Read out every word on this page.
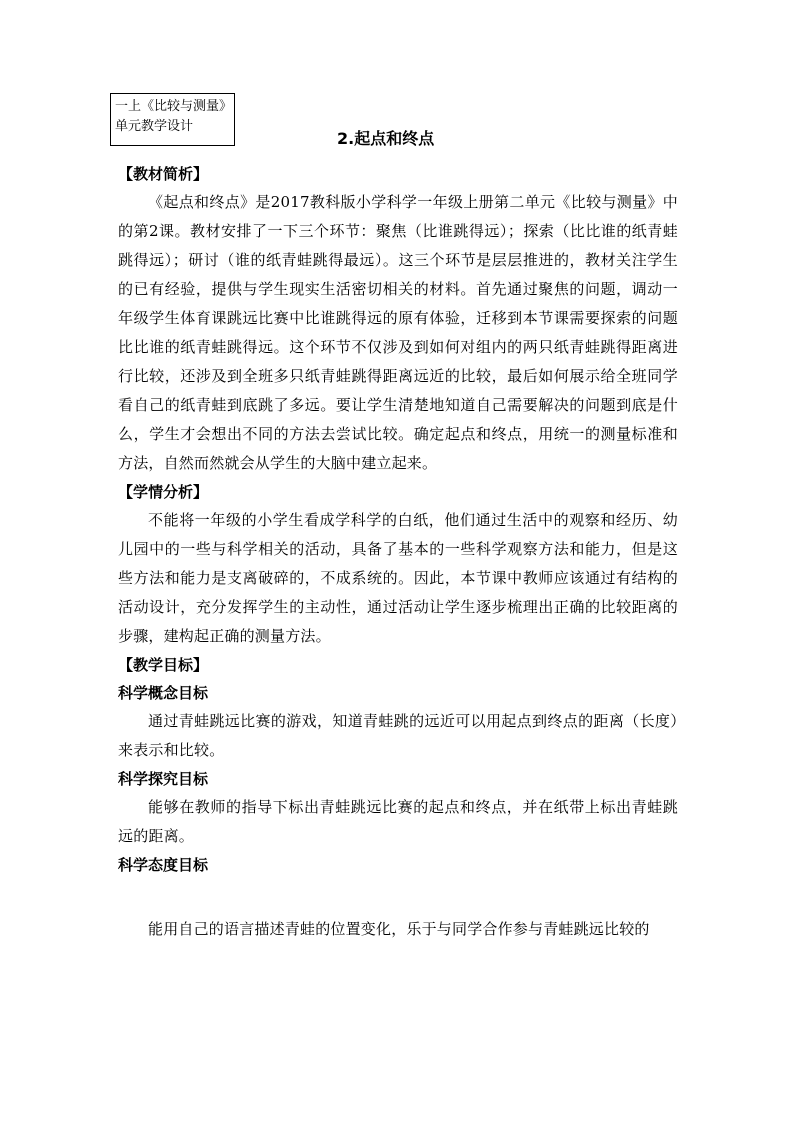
一上《比较与测量》
单元教学设计
2.起点和终点

【教材简析】

《起点和终点》是2017教科版小学科学一年级上册第二单元《比较与测量》中的第2课。教材安排了一下三个环节：聚焦（比谁跳得远）；探索（比比谁的纸青蛙跳得远）；研讨（谁的纸青蛙跳得最远）。这三个环节是层层推进的，教材关注学生的已有经验，提供与学生现实生活密切相关的材料。首先通过聚焦的问题，调动一年级学生体育课跳远比赛中比谁跳得远的原有体验，迁移到本节课需要探索的问题 比比谁的纸青蛙跳得远。这个环节不仅涉及到如何对组内的两只纸青蛙跳得距离进行比较，还涉及到全班多只纸青蛙跳得距离远近的比较，最后如何展示给全班同学看自己的纸青蛙到底跳了多远。要让学生清楚地知道自己需要解决的问题到底是什么，学生才会想出不同的方法去尝试比较。确定起点和终点，用统一的测量标准和方法，自然而然就会从学生的大脑中建立起来。

【学情分析】

不能将一年级的小学生看成学科学的白纸，他们通过生活中的观察和经历、幼儿园中的一些与科学相关的活动，具备了基本的一些科学观察方法和能力，但是这些方法和能力是支离破碎的，不成系统的。因此，本节课中教师应该通过有结构的活动设计，充分发挥学生的主动性，通过活动让学生逐步梳理出正确的比较距离的步骤，建构起正确的测量方法。

【教学目标】

科学概念目标

通过青蛙跳远比赛的游戏，知道青蛙跳的远近可以用起点到终点的距离（长度）来表示和比较。

科学探究目标

能够在教师的指导下标出青蛙跳远比赛的起点和终点，并在纸带上标出青蛙跳远的距离。

科学态度目标

能用自己的语言描述青蛙的位置变化，乐于与同学合作参与青蛙跳远比较的
